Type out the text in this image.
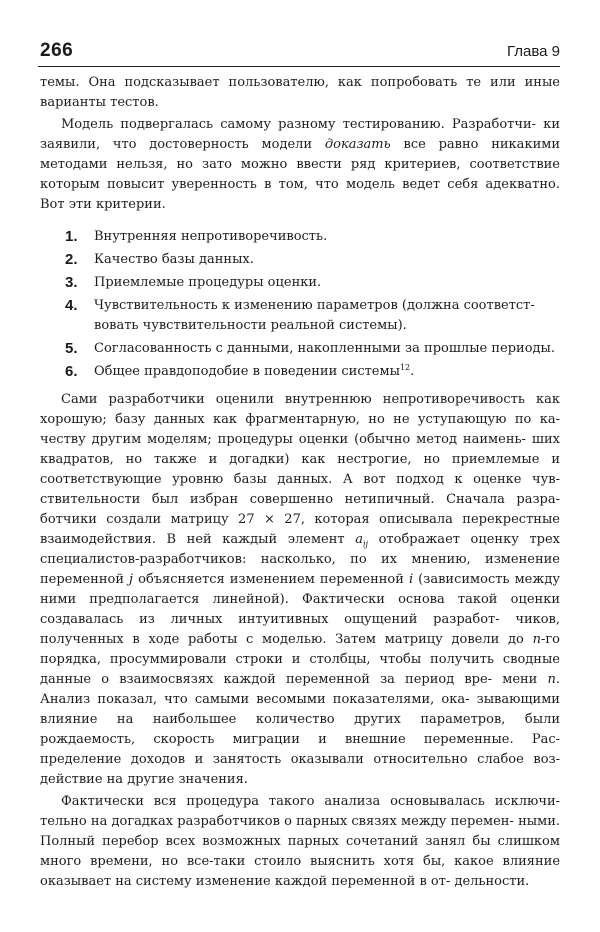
266	Глава 9

темы. Она подсказывает пользователю, как попробовать те или иные варианты тестов.

Модель подвергалась самому разному тестированию. Разработчи- ки заявили, что достоверность модели доказать все равно никакими методами нельзя, но зато можно ввести ряд критериев, соответствие которым повысит уверенность в том, что модель ведет себя адекватно. Вот эти критерии.

1. Внутренняя непротиворечивость.
2. Качество базы данных.
3. Приемлемые процедуры оценки.
4. Чувствительность к изменению параметров (должна соответст-
вовать чувствительности реальной системы).
5. Согласованность с данными, накопленными за прошлые периоды.
6. Общее правдоподобие в поведении системы$^{12}$.

Сами разработчики оценили внутреннюю непротиворечивость как хорошую; базу данных как фрагментарную, но не уступающую по ка- честву другим моделям; процедуры оценки (обычно метод наимень- ших квадратов, но также и догадки) как нестрогие, но приемлемые и соответствующие уровню базы данных. А вот подход к оценке чув- ствительности был избран совершенно нетипичный. Сначала разра- ботчики создали матрицу 27 × 27, которая описывала перекрестные взаимодействия. В ней каждый элемент $a_{ij}$ отображает оценку трех специалистов-разработчиков: насколько, по их мнению, изменение переменной j объясняется изменением переменной i (зависимость между ними предполагается линейной). Фактически основа такой оценки создавалась из личных интуитивных ощущений разработ- чиков, полученных в ходе работы с моделью. Затем матрицу довели до n-го порядка, просуммировали строки и столбцы, чтобы получить сводные данные о взаимосвязях каждой переменной за период вре- мени n. Анализ показал, что самыми весомыми показателями, ока- зывающими влияние на наибольшее количество других параметров, были рождаемость, скорость миграции и внешние переменные. Рас- пределение доходов и занятость оказывали относительно слабое воз- действие на другие значения.

Фактически вся процедура такого анализа основывалась исключи- тельно на догадках разработчиков о парных связях между перемен- ными. Полный перебор всех возможных парных сочетаний занял бы слишком много времени, но все-таки стоило выяснить хотя бы, какое влияние оказывает на систему изменение каждой переменной в от- дельности.
